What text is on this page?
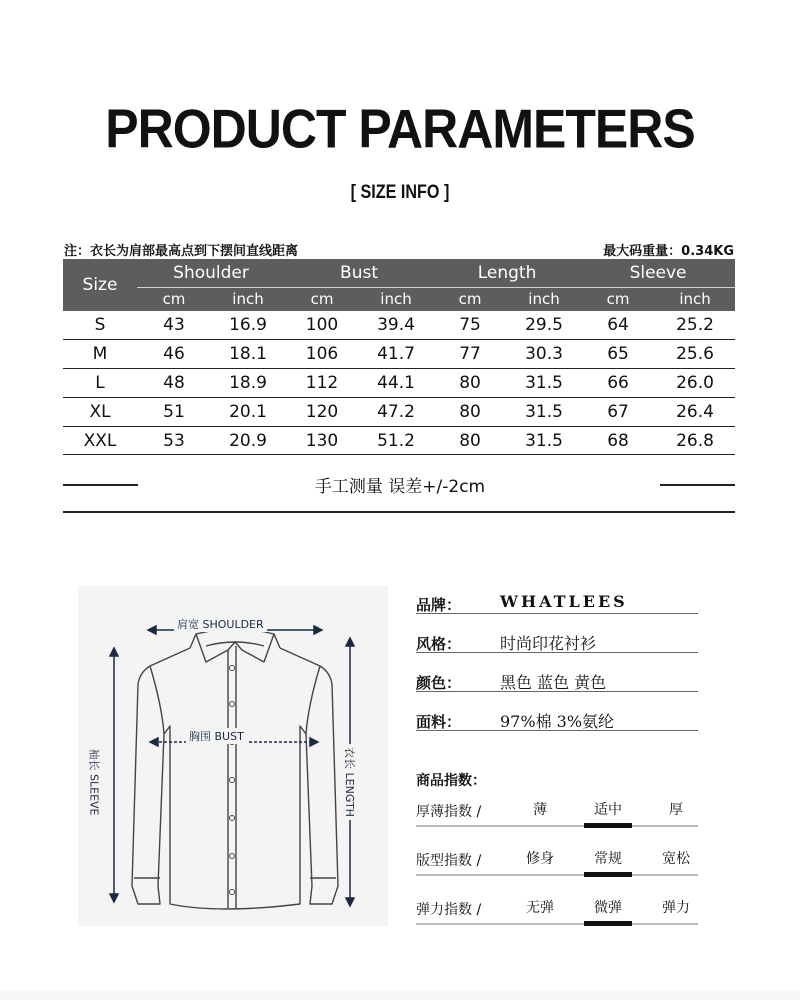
PRODUCT PARAMETERS
[ SIZE INFO ]
注：衣长为肩部最高点到下摆间直线距离	最大码重量：0.34KG
Size	Shoulder		Bust		Length		Sleeve	
	cm	inch	cm	inch	cm	inch	cm	inch
S	43	16.9	100	39.4	75	29.5	64	25.2
M	46	18.1	106	41.7	77	30.3	65	25.6
L	48	18.9	112	44.1	80	31.5	66	26.0
XL	51	20.1	120	47.2	80	31.5	67	26.4
XXL	53	20.9	130	51.2	80	31.5	68	26.8
手工测量 误差+/-2cm
肩宽 SHOULDER
胸围 BUST
袖长 SLEEVE	衣长 LENGTH
品牌： WHATLEES
风格： 时尚印花衬衫
颜色： 黑色 蓝色 黄色
面料： 97%棉 3%氨纶
商品指数：
厚薄指数 /	薄	适中	厚
版型指数 /	修身	常规	宽松
弹力指数 /	无弹	微弹	弹力
